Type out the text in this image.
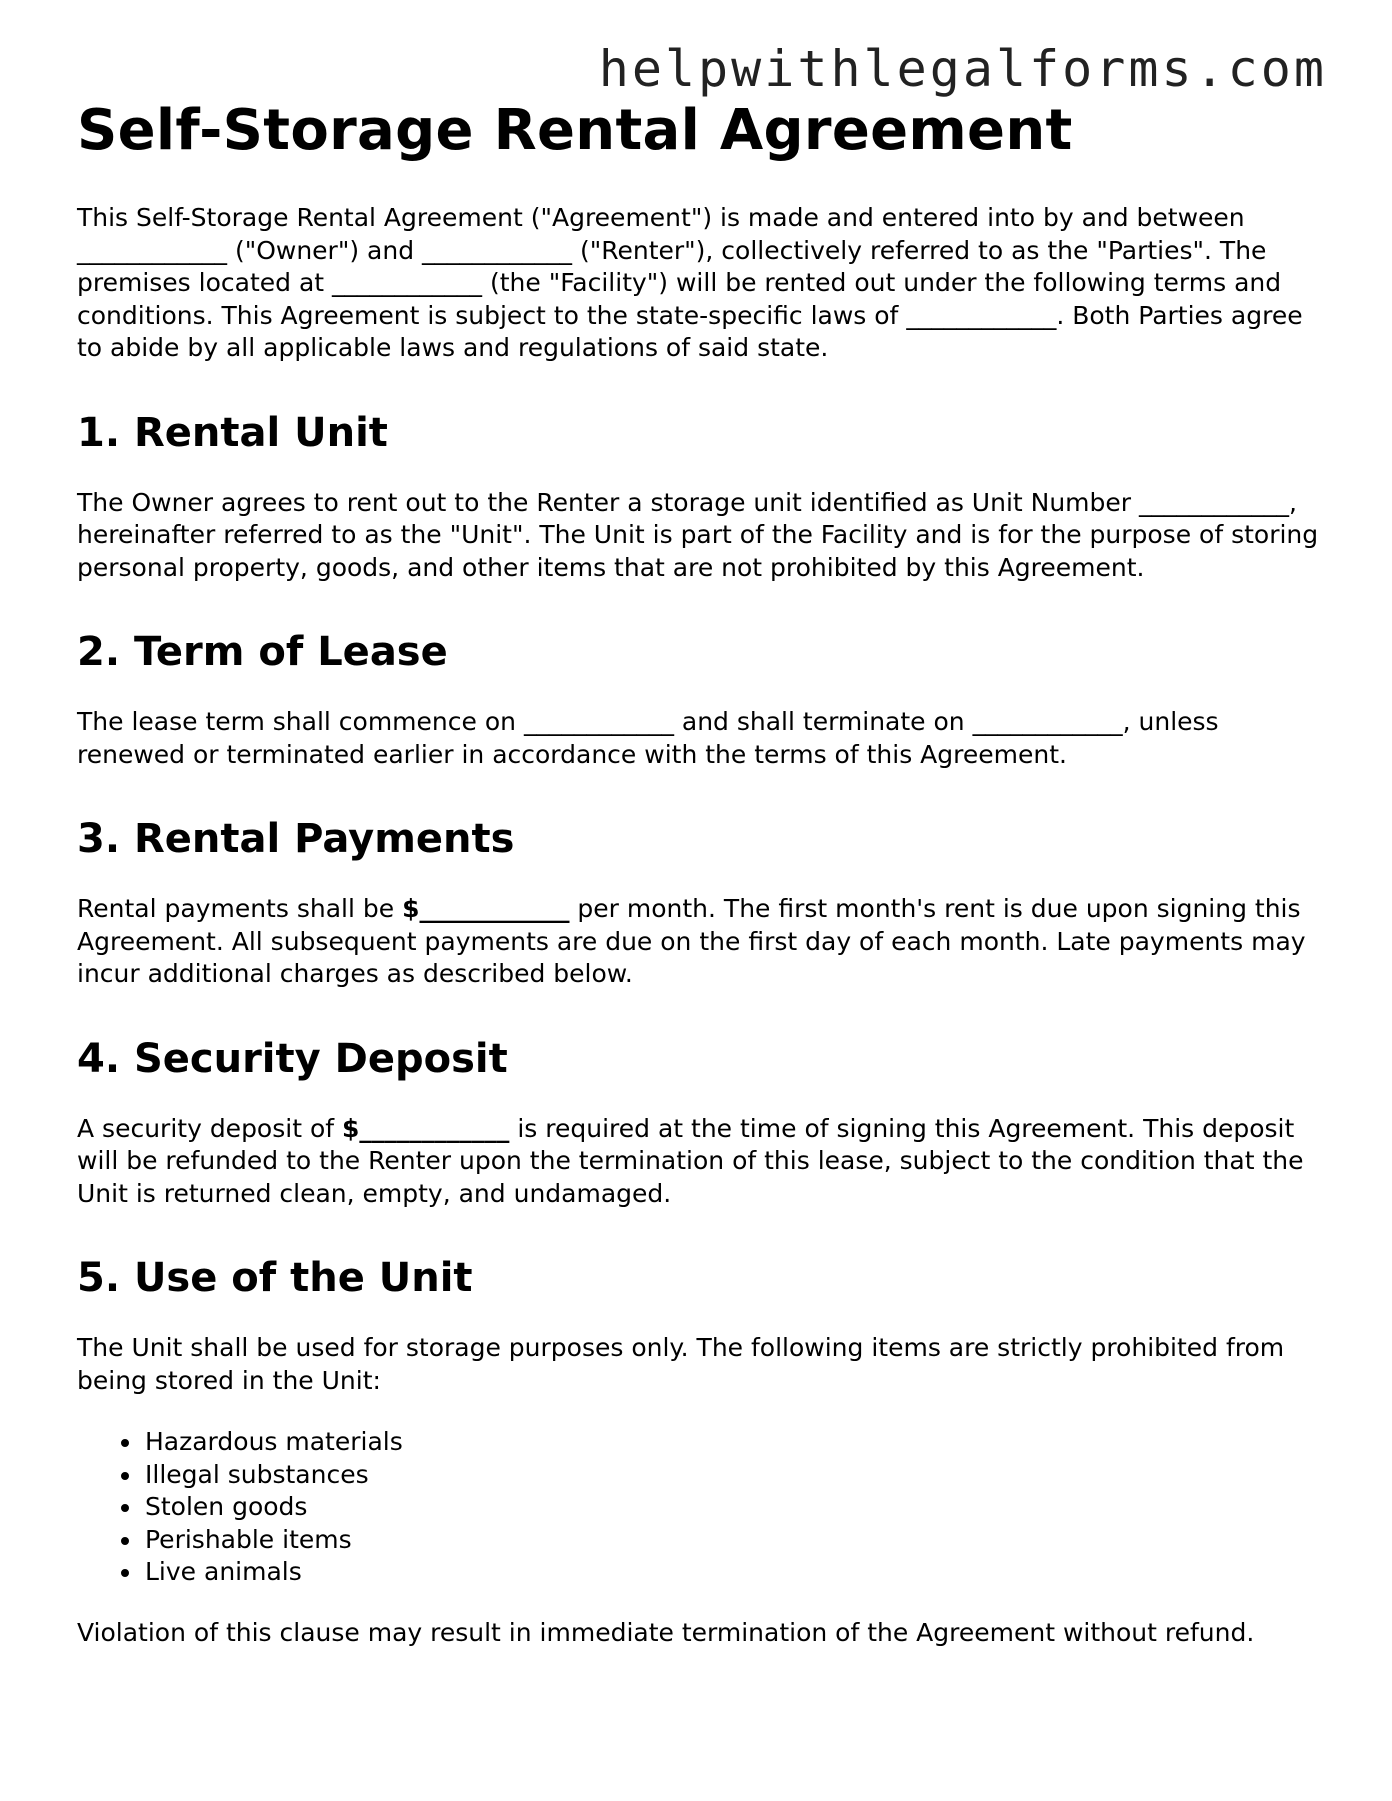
helpwithlegalforms.com
Self-Storage Rental Agreement

This Self-Storage Rental Agreement ("Agreement") is made and entered into by and between ____________ ("Owner") and ____________ ("Renter"), collectively referred to as the "Parties". The premises located at ____________ (the "Facility") will be rented out under the following terms and conditions. This Agreement is subject to the state-specific laws of ____________. Both Parties agree to abide by all applicable laws and regulations of said state.

1. Rental Unit

The Owner agrees to rent out to the Renter a storage unit identified as Unit Number ____________, hereinafter referred to as the "Unit". The Unit is part of the Facility and is for the purpose of storing personal property, goods, and other items that are not prohibited by this Agreement.

2. Term of Lease

The lease term shall commence on ____________ and shall terminate on ____________, unless renewed or terminated earlier in accordance with the terms of this Agreement.

3. Rental Payments

Rental payments shall be $____________ per month. The first month's rent is due upon signing this Agreement. All subsequent payments are due on the first day of each month. Late payments may incur additional charges as described below.

4. Security Deposit

A security deposit of $____________ is required at the time of signing this Agreement. This deposit will be refunded to the Renter upon the termination of this lease, subject to the condition that the Unit is returned clean, empty, and undamaged.

5. Use of the Unit

The Unit shall be used for storage purposes only. The following items are strictly prohibited from being stored in the Unit:

• Hazardous materials
• Illegal substances
• Stolen goods
• Perishable items
• Live animals

Violation of this clause may result in immediate termination of the Agreement without refund.
